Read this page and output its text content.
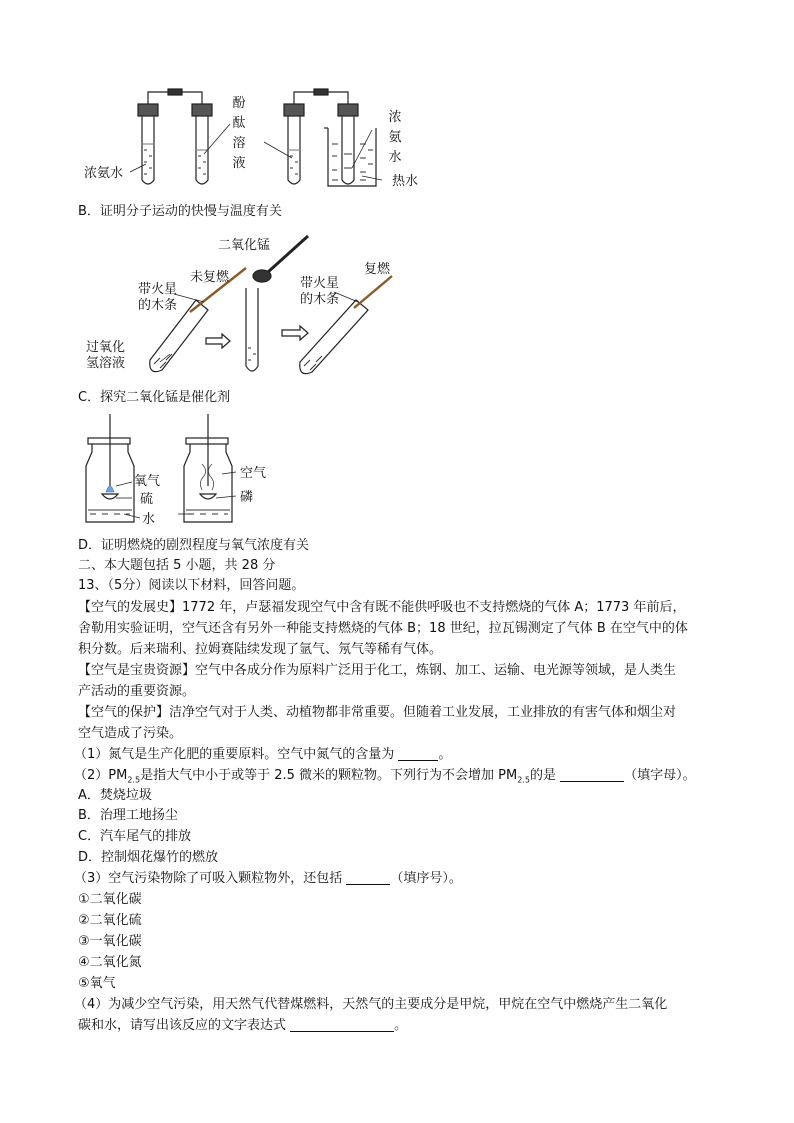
浓氨水
酚
酞
溶
液
浓
氨
水
热水
B．证明分子运动的快慢与温度有关
二氧化锰
未复燃
带火星
的木条
过氧化
氢溶液
带火星
的木条
复燃
C．探究二氧化锰是催化剂
氧气
硫
水
空气
磷
D．证明燃烧的剧烈程度与氧气浓度有关
二、本大题包括 5 小题，共 28 分
13、（5分）阅读以下材料，回答问题。
【空气的发展史】1772 年，卢瑟福发现空气中含有既不能供呼吸也不支持燃烧的气体 A；1773 年前后，
舍勒用实验证明，空气还含有另外一种能支持燃烧的气体 B；18 世纪，拉瓦锡测定了气体 B 在空气中的体
积分数。后来瑞利、拉姆赛陆续发现了氩气、氖气等稀有气体。
【空气是宝贵资源】空气中各成分作为原料广泛用于化工，炼钢、加工、运输、电光源等领域，是人类生
产活动的重要资源。
【空气的保护】洁净空气对于人类、动植物都非常重要。但随着工业发展，工业排放的有害气体和烟尘对
空气造成了污染。
（1）氮气是生产化肥的重要原料。空气中氮气的含量为	。
$(2)PM_{2.5}$是指大气中小于或等于 2.5 微米的颗粒物。下列行为不会增加 $PM_{2.5}$的是	（填字母）。
A．焚烧垃圾
B．治理工地扬尘
C．汽车尾气的排放
D．控制烟花爆竹的燃放
（3）空气污染物除了可吸入颗粒物外，还包括	（填序号）。
①二氧化碳
②二氧化硫
③一氧化碳
④二氧化氮
⑤氧气
（4）为减少空气污染，用天然气代替煤燃料，天然气的主要成分是甲烷，甲烷在空气中燃烧产生二氧化
碳和水，请写出该反应的文字表达式	。
